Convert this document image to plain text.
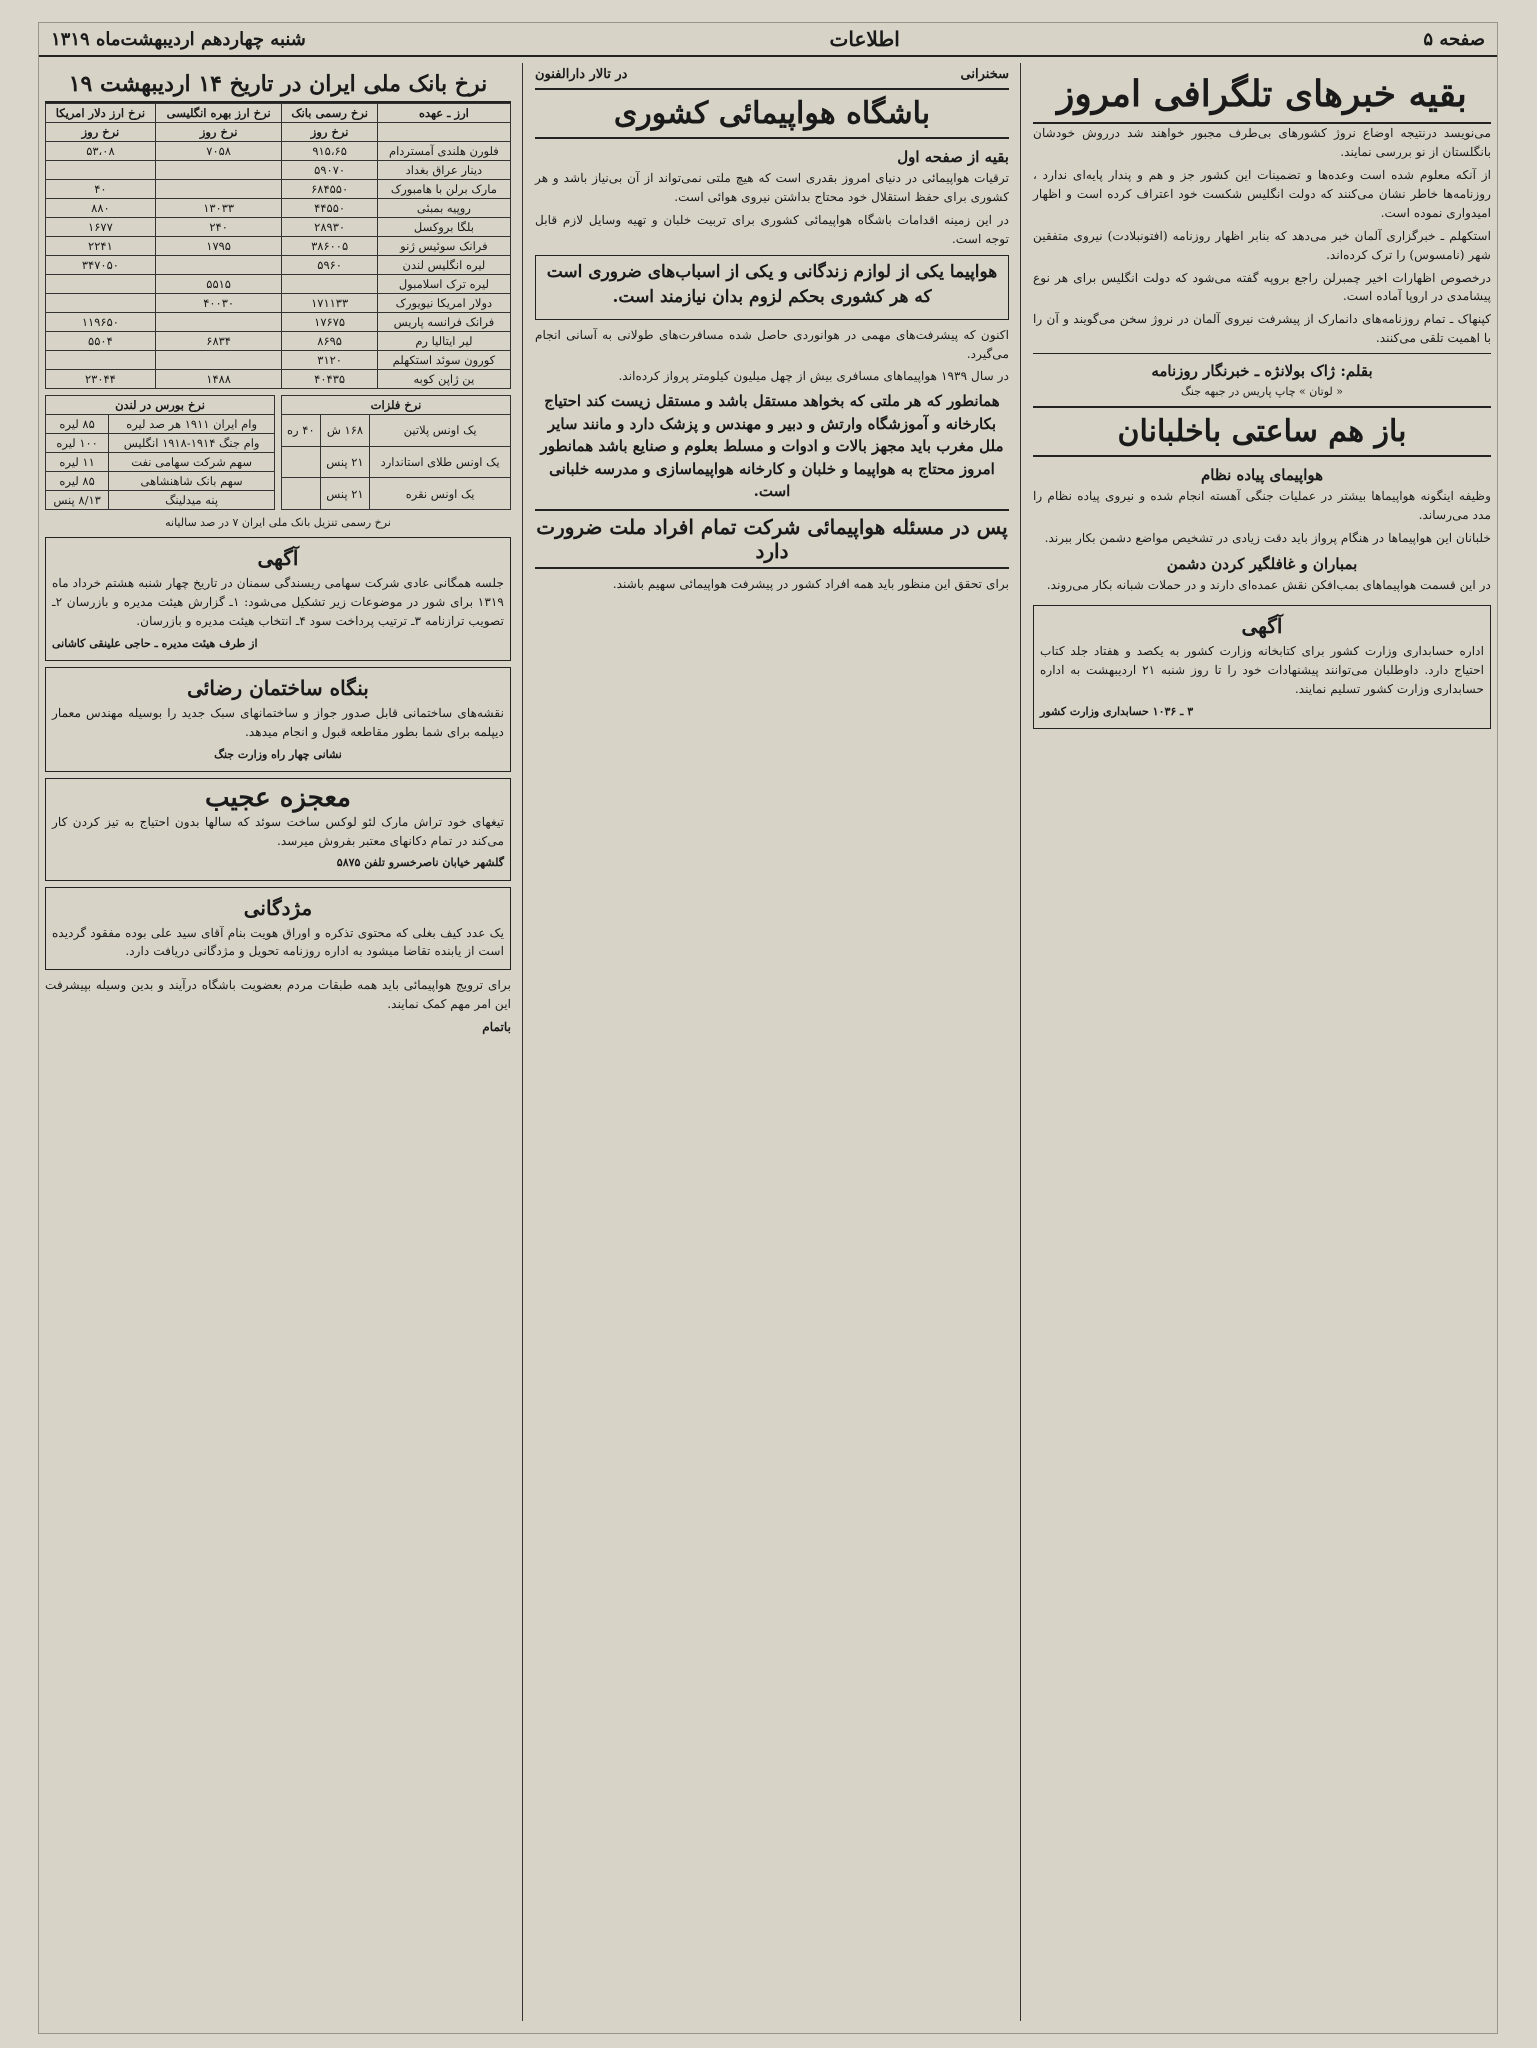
صفحه ۵
اطلاعات
شنبه چهاردهم اردیبهشت‌ماه ۱۳۱۹
بقیه خبرهای تلگرافی امروز

می‌نویسد درنتیجه اوضاع نروژ کشورهای بی‌طرف مجبور خواهند شد درروش خودشان بانگلستان از نو بررسی نمایند.

از آنکه معلوم شده است وعده‌ها و تضمینات این کشور جز و هم و پندار پایه‌ای ندارد ، روزنامه‌ها خاطر نشان می‌کنند که دولت انگلیس شکست خود اعتراف کرده است و اظهار امیدواری نموده است.

استکهلم ـ خبرگزاری آلمان خبر می‌دهد که بنابر اظهار روزنامه (افتونبلادت) نیروی متفقین شهر (نامسوس) را ترک کرده‌اند.

درخصوص اظهارات اخیر چمبرلن راجع بروپه گفته می‌شود که دولت انگلیس برای هر نوع پیشامدی در اروپا آماده است.

کپنهاک ـ تمام روزنامه‌های دانمارک از پیشرفت نیروی آلمان در نروژ سخن می‌گویند و آن را با اهمیت تلقی می‌کنند.

بقلم: ژاک بولانژه ـ خبرنگار روزنامه

« لوتان » چاپ پاریس در جبهه جنگ

باز هم ساعتی باخلبانان
هواپیمای پیاده نظام

وظیفه اینگونه هواپیماها بیشتر در عملیات جنگی آهسته انجام شده و نیروی پیاده نظام را مدد می‌رساند.

خلبانان این هواپیماها در هنگام پرواز باید دقت زیادی در تشخیص مواضع دشمن بکار ببرند.

بمباران و غافلگیر کردن دشمن

در این قسمت هواپیماهای بمب‌افکن نقش عمده‌ای دارند و در حملات شبانه بکار می‌روند.

آگهی

اداره حسابداری وزارت کشور برای کتابخانه وزارت کشور به یکصد و هفتاد جلد کتاب احتیاج دارد. داوطلبان می‌توانند پیشنهادات خود را تا روز شنبه ۲۱ اردیبهشت به اداره حسابداری وزارت کشور تسلیم نمایند.

۳ ـ ۱۰۳۶ حسابداری وزارت کشور

سخنرانی
در تالار دارالفنون
باشگاه هواپیمائی کشوری
بقیه از صفحه اول

ترقیات هواپیمائی در دنیای امروز بقدری است که هیچ ملتی نمی‌تواند از آن بی‌نیاز باشد و هر کشوری برای حفظ استقلال خود محتاج بداشتن نیروی هوائی است.

در این زمینه اقدامات باشگاه هواپیمائی کشوری برای تربیت خلبان و تهیه وسایل لازم قابل توجه است.

هواپیما یکی از لوازم زندگانی و یکی از اسباب‌های ضروری است که هر کشوری بحکم لزوم بدان نیازمند است.

اکنون که پیشرفت‌های مهمی در هوانوردی حاصل شده مسافرت‌های طولانی به آسانی انجام می‌گیرد.

در سال ۱۹۳۹ هواپیماهای مسافری بیش از چهل میلیون کیلومتر پرواز کرده‌اند.

همانطور که هر ملتی که بخواهد مستقل باشد و مستقل زیست کند احتیاج بکارخانه و آموزشگاه وارتش و دبیر و مهندس و پزشک دارد و مانند سایر ملل مغرب باید مجهز بالات و ادوات و مسلط بعلوم و صنایع باشد همانطور امروز محتاج به هواپیما و خلبان و کارخانه هواپیماسازی و مدرسه خلبانی است.

پس در مسئله هواپیمائی شرکت تمام افراد ملت ضرورت دارد

برای تحقق این منظور باید همه افراد کشور در پیشرفت هواپیمائی سهیم باشند.

نرخ بانک ملی ایران در تاریخ ۱۴ اردیبهشت ۱۹
ارز ـ عهده	نرخ رسمی بانک	نرخ ارز بهره انگلیسی	نرخ ارز دلار امریکا
	نرخ روز	نرخ روز	نرخ روز
فلورن هلندی آمستردام	۹۱۵،۶۵	۷۰۵۸	۵۳،۰۸
دینار عراق بغداد	۵۹۰۷۰		
مارک برلن با هامبورک	۶۸۴۵۵۰		۴۰
روپیه بمبئی	۴۴۵۵۰	۱۳۰۳۳	۸۸۰
بلگا بروکسل	۲۸۹۳۰	۲۴۰	۱۶۷۷
فرانک سوئیس ژنو	۳۸۶۰۰۵	۱۷۹۵	۲۲۴۱
لیره انگلیس لندن	۵۹۶۰		۳۴۷۰۵۰
لیره ترک اسلامبول		۵۵۱۵	
دولار امریکا نیویورک	۱۷۱۱۳۳	۴۰۰۳۰	
فرانک فرانسه پاریس	۱۷۶۷۵		۱۱۹۶۵۰
لیر ایتالیا رم	۸۶۹۵	۶۸۳۴	۵۵۰۴
کورون سوئد استکهلم	۳۱۲۰		
ین ژاپن کوبه	۴۰۴۳۵	۱۴۸۸	۲۳۰۴۴
نرخ فلزات		
یک اونس پلاتین	۱۶۸ ش	۴۰ ره
یک اونس طلای استاندارد	۲۱ پنس	
یک اونس نقره	۲۱ پنس	
نرخ بورس در لندن	
وام ایران ۱۹۱۱ هر صد لیره	۸۵ لیره
وام جنگ ۱۹۱۴-۱۹۱۸ انگلیس	۱۰۰ لیره
سهم شرکت سهامی نفت	۱۱ لیره
سهم بانک شاهنشاهی	۸۵ لیره
پنه میدلینگ	۸/۱۳ پنس

نرخ رسمی تنزیل بانک ملی ایران ۷ در صد سالیانه

آگهی

جلسه همگانی عادی شرکت سهامی ریسندگی سمنان در تاریخ چهار شنبه هشتم خرداد ماه ۱۳۱۹ برای شور در موضوعات زیر تشکیل می‌شود: ۱ـ گزارش هیئت مدیره و بازرسان ۲ـ تصویب ترازنامه ۳ـ ترتیب پرداخت سود ۴ـ انتخاب هیئت مدیره و بازرسان.

از طرف هیئت مدیره ـ حاجی علینقی کاشانی

بنگاه ساختمان رضائی

نقشه‌های ساختمانی قابل صدور جواز و ساختمانهای سبک جدید را بوسیله مهندس معمار دیپلمه برای شما بطور مقاطعه قبول و انجام میدهد.

نشانی چهار راه وزارت جنگ

معجزه عجیب

تیغهای خود تراش مارک لئو لوکس ساخت سوئد که سالها بدون احتیاج به تیز کردن کار می‌کند در تمام دکانهای معتبر بفروش میرسد.

گلشهر خیابان ناصرخسرو تلفن ۵۸۷۵

مژدگانی

یک عدد کیف بغلی که محتوی تذکره و اوراق هویت بنام آقای سید علی بوده مفقود گردیده است از یابنده تقاضا میشود به اداره روزنامه تحویل و مژدگانی دریافت دارد.

برای ترویج هواپیمائی باید همه طبقات مردم بعضویت باشگاه درآیند و بدین وسیله بپیشرفت این امر مهم کمک نمایند.

باتمام
